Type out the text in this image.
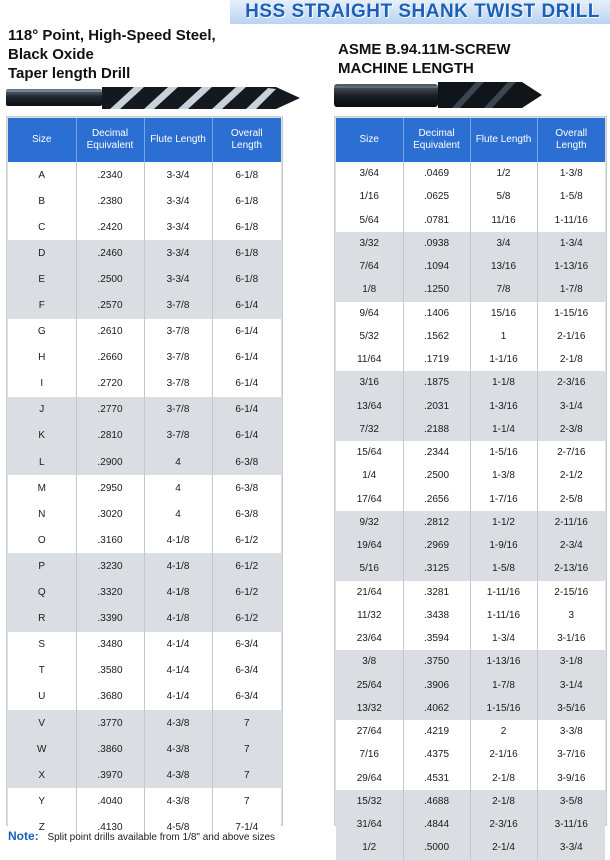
HSS STRAIGHT SHANK TWIST DRILL
118° Point, High-Speed Steel,
Black Oxide
Taper length Drill
ASME B.94.11M-SCREW
MACHINE LENGTH
Size	Decimal Equivalent	Flute Length	Overall Length
A	.2340	3-3/4	6-1/8
B	.2380	3-3/4	6-1/8
C	.2420	3-3/4	6-1/8
D	.2460	3-3/4	6-1/8
E	.2500	3-3/4	6-1/8
F	.2570	3-7/8	6-1/4
G	.2610	3-7/8	6-1/4
H	.2660	3-7/8	6-1/4
I	.2720	3-7/8	6-1/4
J	.2770	3-7/8	6-1/4
K	.2810	3-7/8	6-1/4
L	.2900	4	6-3/8
M	.2950	4	6-3/8
N	.3020	4	6-3/8
O	.3160	4-1/8	6-1/2
P	.3230	4-1/8	6-1/2
Q	.3320	4-1/8	6-1/2
R	.3390	4-1/8	6-1/2
S	.3480	4-1/4	6-3/4
T	.3580	4-1/4	6-3/4
U	.3680	4-1/4	6-3/4
V	.3770	4-3/8	7
W	.3860	4-3/8	7
X	.3970	4-3/8	7
Y	.4040	4-3/8	7
Z	.4130	4-5/8	7-1/4
Size	Decimal Equivalent	Flute Length	Overall Length
3/64	.0469	1/2	1-3/8
1/16	.0625	5/8	1-5/8
5/64	.0781	11/16	1-11/16
3/32	.0938	3/4	1-3/4
7/64	.1094	13/16	1-13/16
1/8	.1250	7/8	1-7/8
9/64	.1406	15/16	1-15/16
5/32	.1562	1	2-1/16
11/64	.1719	1-1/16	2-1/8
3/16	.1875	1-1/8	2-3/16
13/64	.2031	1-3/16	3-1/4
7/32	.2188	1-1/4	2-3/8
15/64	.2344	1-5/16	2-7/16
1/4	.2500	1-3/8	2-1/2
17/64	.2656	1-7/16	2-5/8
9/32	.2812	1-1/2	2-11/16
19/64	.2969	1-9/16	2-3/4
5/16	.3125	1-5/8	2-13/16
21/64	.3281	1-11/16	2-15/16
11/32	.3438	1-11/16	3
23/64	.3594	1-3/4	3-1/16
3/8	.3750	1-13/16	3-1/8
25/64	.3906	1-7/8	3-1/4
13/32	.4062	1-15/16	3-5/16
27/64	.4219	2	3-3/8
7/16	.4375	2-1/16	3-7/16
29/64	.4531	2-1/8	3-9/16
15/32	.4688	2-1/8	3-5/8
31/64	.4844	2-3/16	3-11/16
1/2	.5000	2-1/4	3-3/4
Note: Split point drills available from 1/8" and above sizes
